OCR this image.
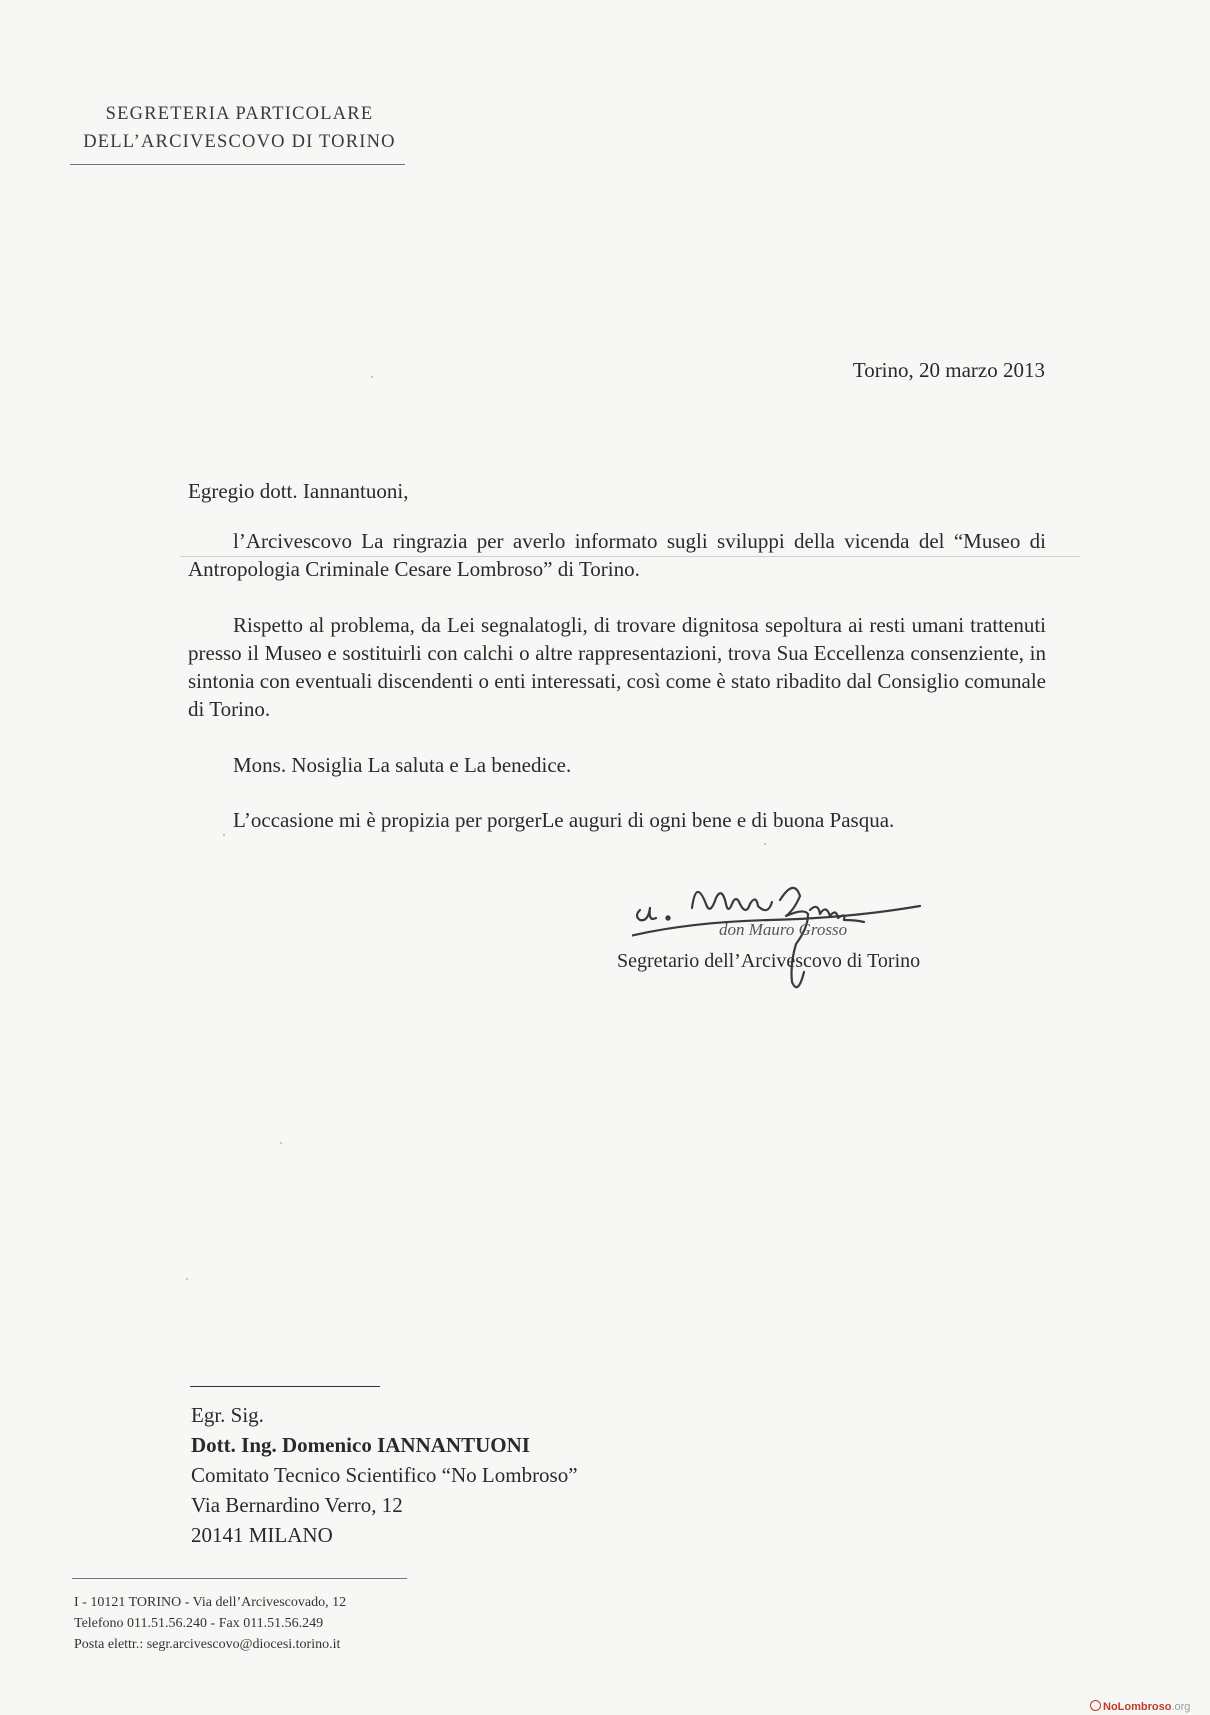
SEGRETERIA PARTICOLARE
DELL’ARCIVESCOVO DI TORINO
Torino, 20 marzo 2013
Egregio dott. Iannantuoni,
l’Arcivescovo La ringrazia per averlo informato sugli sviluppi della vicenda del “Museo di Antropologia Criminale Cesare Lombroso” di Torino.
Rispetto al problema, da Lei segnalatogli, di trovare dignitosa sepoltura ai resti umani trattenuti presso il Museo e sostituirli con calchi o altre rappresentazioni, trova Sua Eccellenza consenziente, in sintonia con eventuali discendenti o enti interessati, così come è stato ribadito dal Consiglio comunale di Torino.
Mons. Nosiglia La saluta e La benedice.
L’occasione mi è propizia per porgerLe auguri di ogni bene e di buona Pasqua.
don Mauro Grosso
Segretario dell’Arcivescovo di Torino
Egr. Sig.
Dott. Ing. Domenico IANNANTUONI
Comitato Tecnico Scientifico “No Lombroso”
Via Bernardino Verro, 12
20141 MILANO
I - 10121 TORINO - Via dell’Arcivescovado, 12
Telefono 011.51.56.240 - Fax 011.51.56.249
Posta elettr.: segr.arcivescovo@diocesi.torino.it
NoLombroso.org
